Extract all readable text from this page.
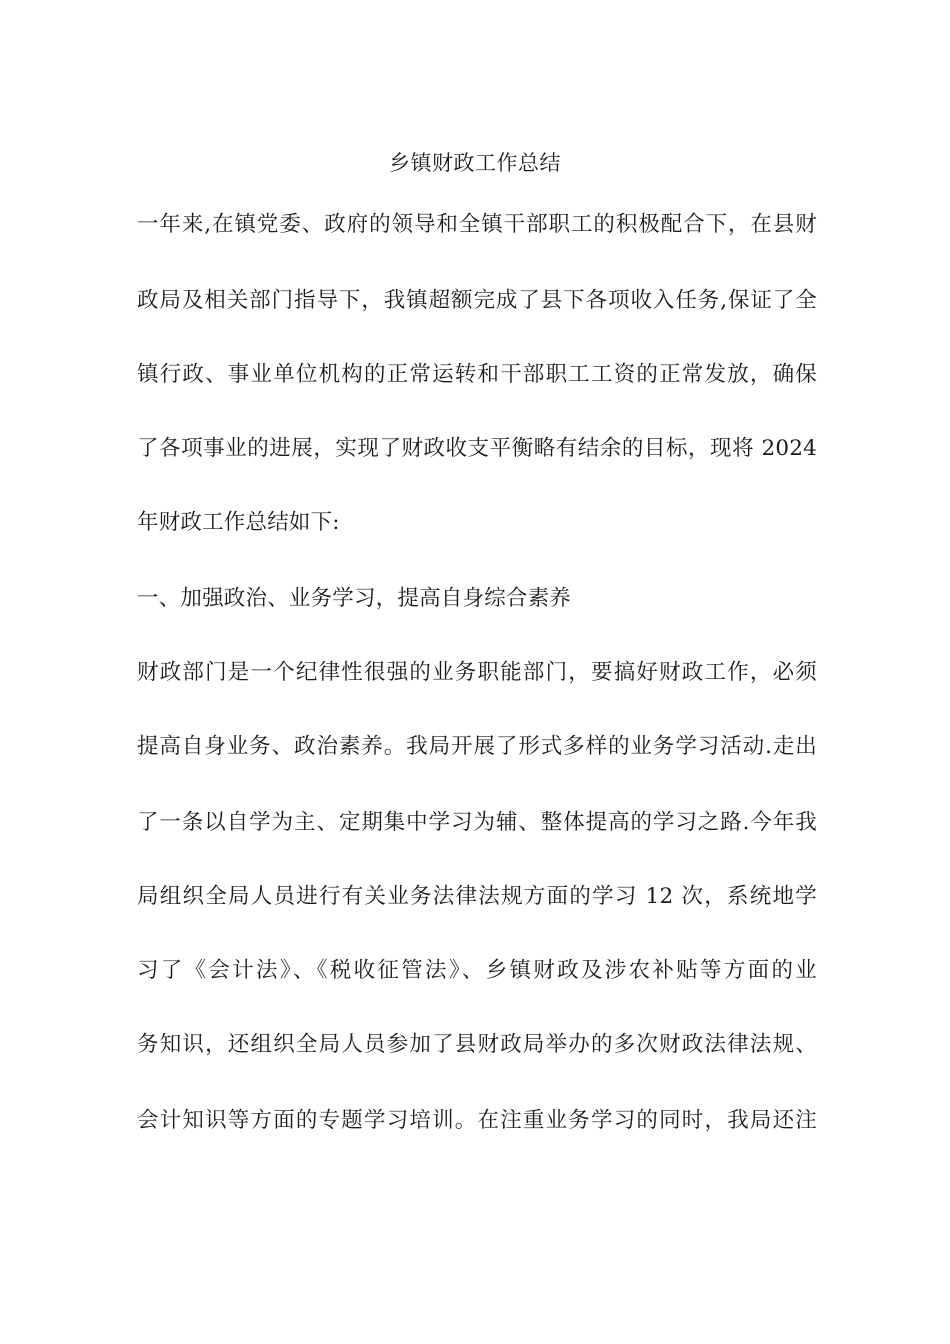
乡镇财政工作总结
一年来,在镇党委、政府的领导和全镇干部职工的积极配合下，在县财
政局及相关部门指导下，我镇超额完成了县下各项收入任务,保证了全
镇行政、事业单位机构的正常运转和干部职工工资的正常发放，确保
了各项事业的进展，实现了财政收支平衡略有结余的目标，现将 2024
年财政工作总结如下:
一、加强政治、业务学习，提高自身综合素养
财政部门是一个纪律性很强的业务职能部门，要搞好财政工作，必须
提高自身业务、政治素养。我局开展了形式多样的业务学习活动.走出
了一条以自学为主、定期集中学习为辅、整体提高的学习之路.今年我
局组织全局人员进行有关业务法律法规方面的学习 12 次，系统地学
习了《会计法》、《税收征管法》、乡镇财政及涉农补贴等方面的业
务知识，还组织全局人员参加了县财政局举办的多次财政法律法规、
会计知识等方面的专题学习培训。在注重业务学习的同时，我局还注
